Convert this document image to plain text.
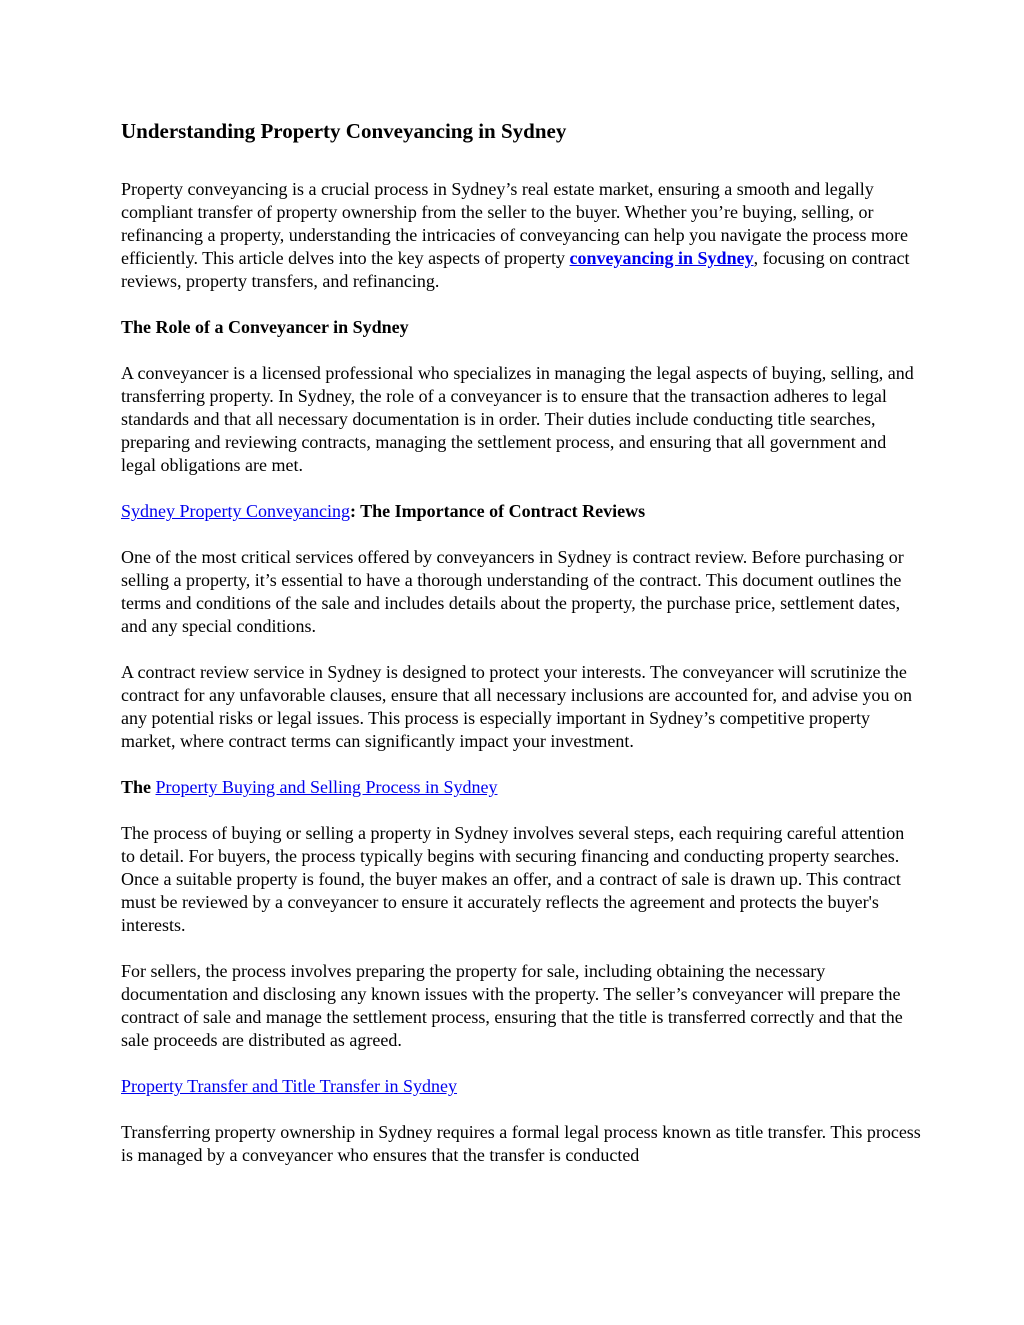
Understanding Property Conveyancing in Sydney

Property conveyancing is a crucial process in Sydney’s real estate market, ensuring a smooth and legally compliant transfer of property ownership from the seller to the buyer. Whether you’re buying, selling, or refinancing a property, understanding the intricacies of conveyancing can help you navigate the process more efficiently. This article delves into the key aspects of property conveyancing in Sydney, focusing on contract reviews, property transfers, and refinancing.

The Role of a Conveyancer in Sydney

A conveyancer is a licensed professional who specializes in managing the legal aspects of buying, selling, and transferring property. In Sydney, the role of a conveyancer is to ensure that the transaction adheres to legal standards and that all necessary documentation is in order. Their duties include conducting title searches, preparing and reviewing contracts, managing the settlement process, and ensuring that all government and legal obligations are met.

Sydney Property Conveyancing: The Importance of Contract Reviews

One of the most critical services offered by conveyancers in Sydney is contract review. Before purchasing or selling a property, it’s essential to have a thorough understanding of the contract. This document outlines the terms and conditions of the sale and includes details about the property, the purchase price, settlement dates, and any special conditions.

A contract review service in Sydney is designed to protect your interests. The conveyancer will scrutinize the contract for any unfavorable clauses, ensure that all necessary inclusions are accounted for, and advise you on any potential risks or legal issues. This process is especially important in Sydney’s competitive property market, where contract terms can significantly impact your investment.

The Property Buying and Selling Process in Sydney

The process of buying or selling a property in Sydney involves several steps, each requiring careful attention to detail. For buyers, the process typically begins with securing financing and conducting property searches. Once a suitable property is found, the buyer makes an offer, and a contract of sale is drawn up. This contract must be reviewed by a conveyancer to ensure it accurately reflects the agreement and protects the buyer's interests.

For sellers, the process involves preparing the property for sale, including obtaining the necessary documentation and disclosing any known issues with the property. The seller’s conveyancer will prepare the contract of sale and manage the settlement process, ensuring that the title is transferred correctly and that the sale proceeds are distributed as agreed.

Property Transfer and Title Transfer in Sydney

Transferring property ownership in Sydney requires a formal legal process known as title transfer. This process is managed by a conveyancer who ensures that the transfer is conducted
